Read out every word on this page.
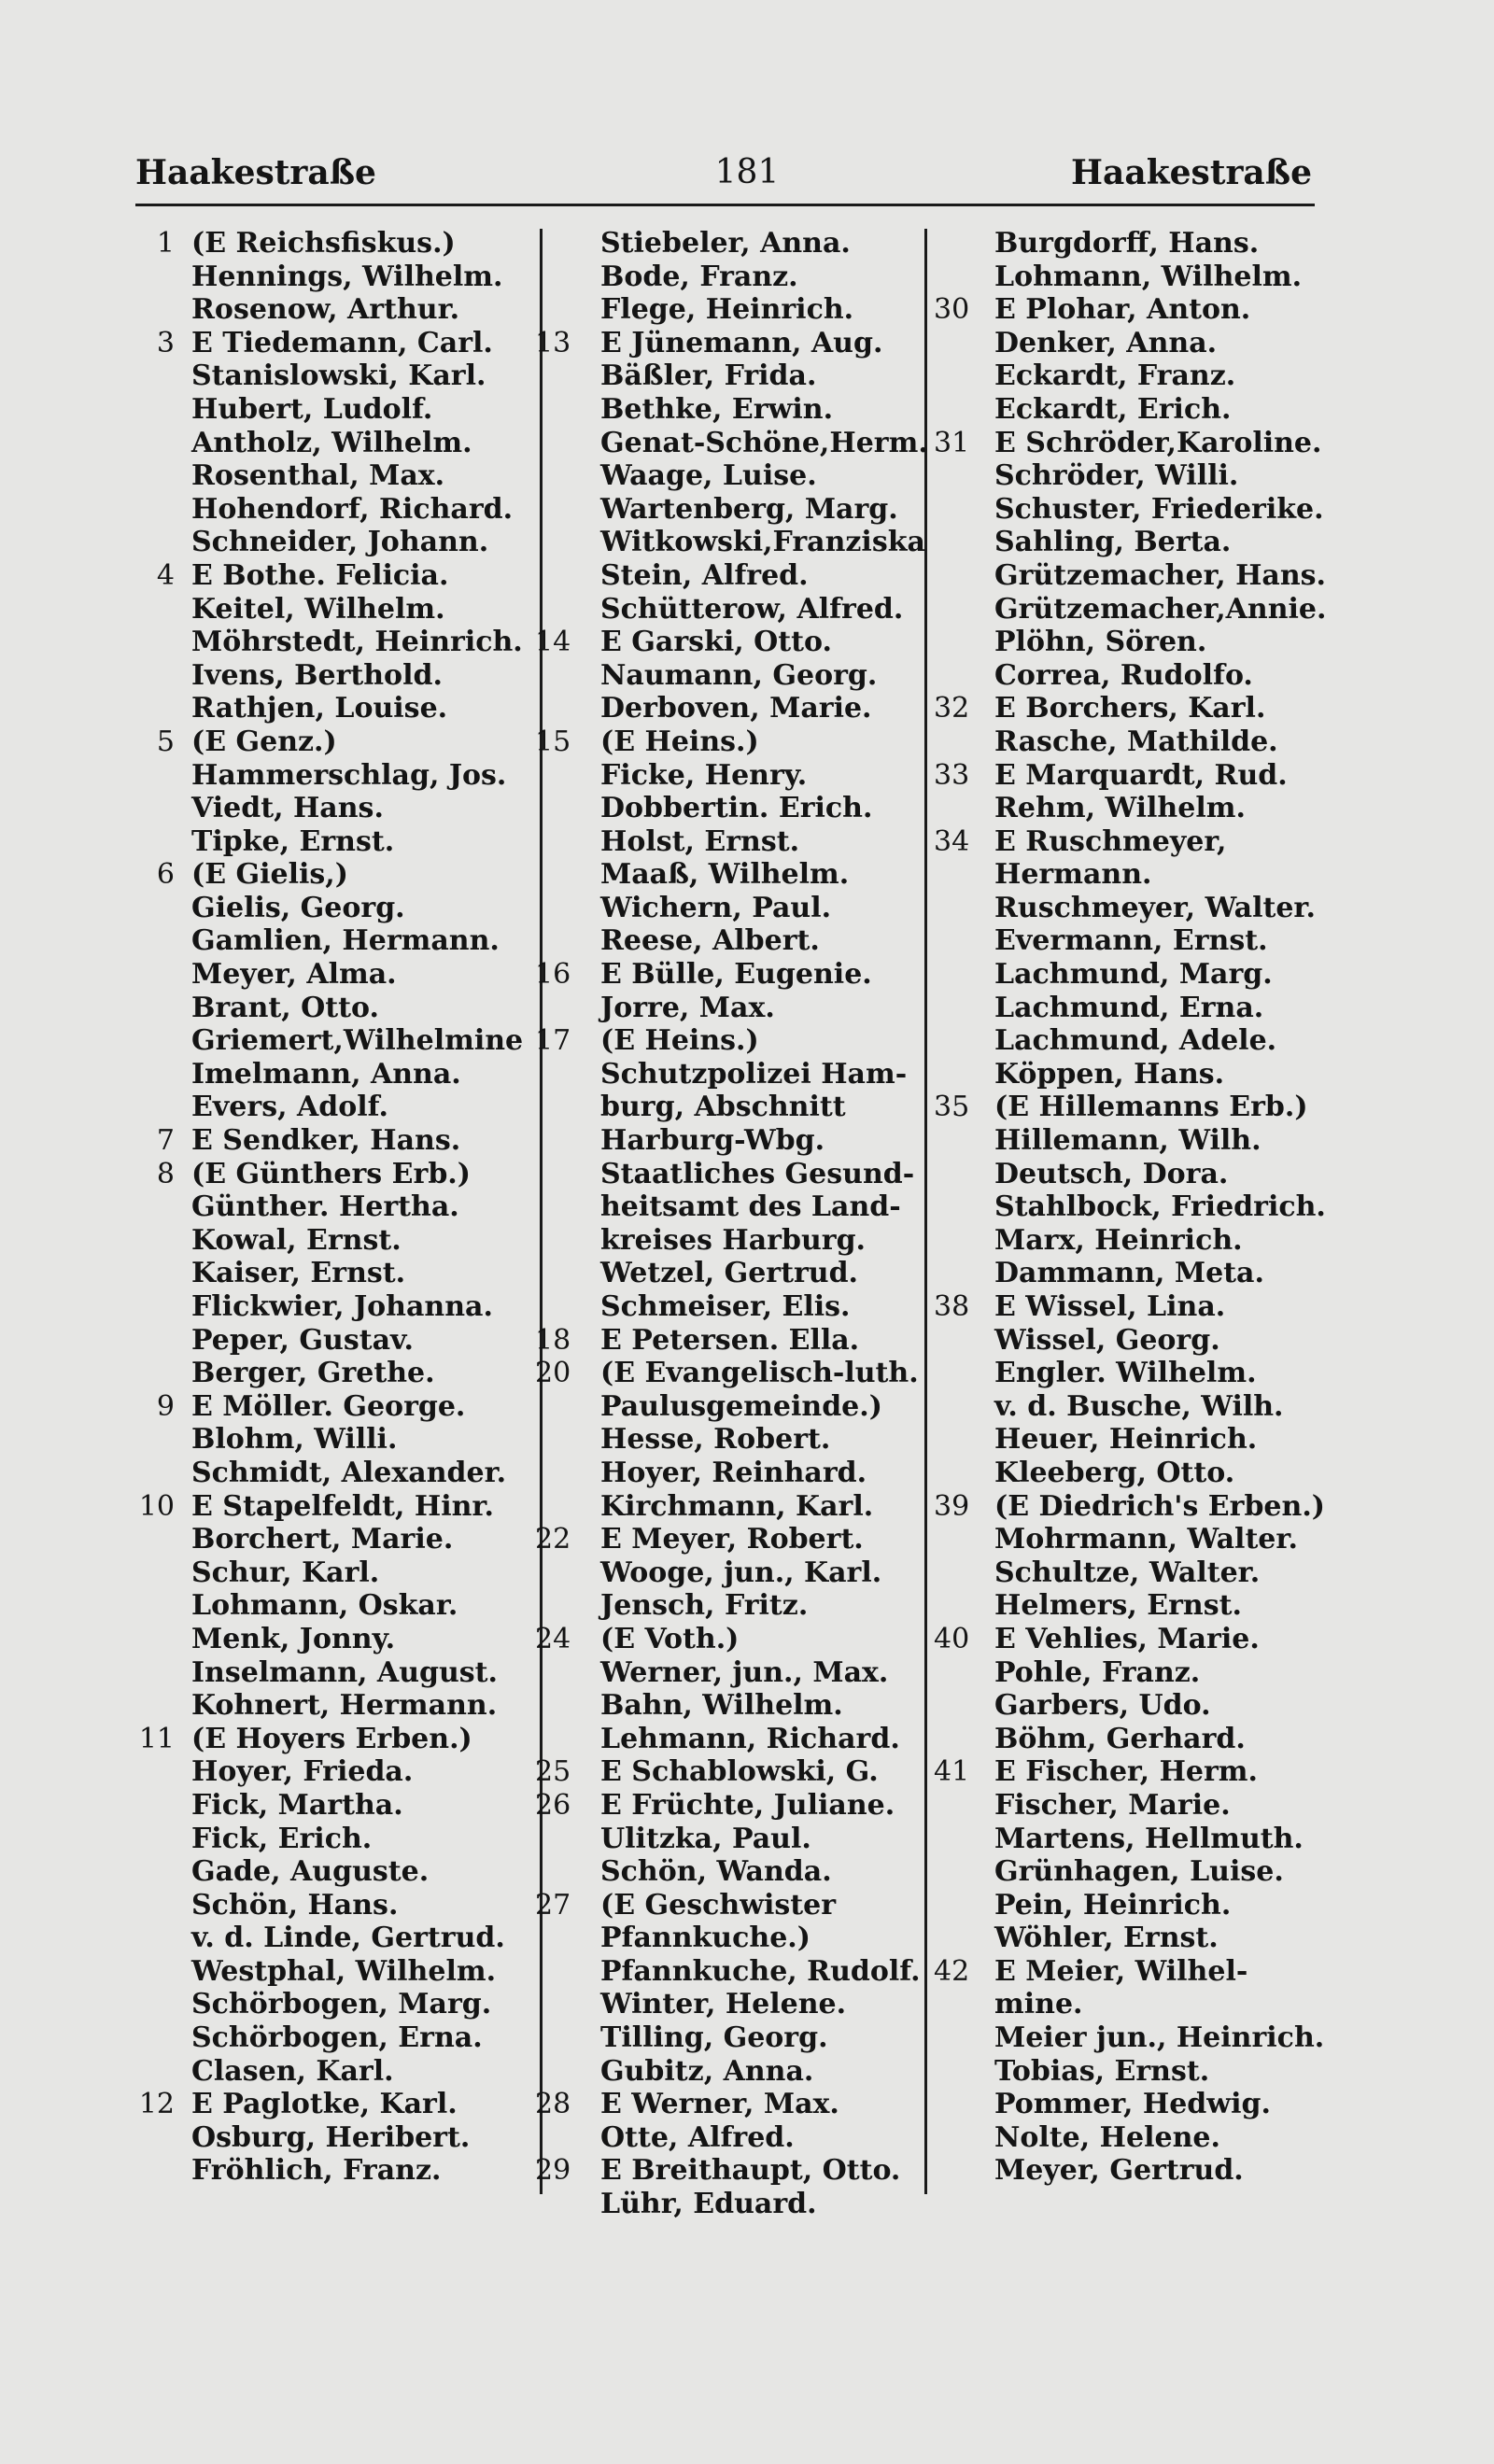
Haakestraße	181	Haakestraße
1 (E Reichsfiskus.)
Hennings, Wilhelm.
Rosenow, Arthur.
3 E Tiedemann, Carl.
Stanislowski, Karl.
Hubert, Ludolf.
Antholz, Wilhelm.
Rosenthal, Max.
Hohendorf, Richard.
Schneider, Johann.
4 E Bothe. Felicia.
Keitel, Wilhelm.
Möhrstedt, Heinrich.
Ivens, Berthold.
Rathjen, Louise.
5 (E Genz.)
Hammerschlag, Jos.
Viedt, Hans.
Tipke, Ernst.
6 (E Gielis,)
Gielis, Georg.
Gamlien, Hermann.
Meyer, Alma.
Brant, Otto.
Griemert,Wilhelmine
Imelmann, Anna.
Evers, Adolf.
7 E Sendker, Hans.
8 (E Günthers Erb.)
Günther. Hertha.
Kowal, Ernst.
Kaiser, Ernst.
Flickwier, Johanna.
Peper, Gustav.
Berger, Grethe.
9 E Möller. George.
Blohm, Willi.
Schmidt, Alexander.
10 E Stapelfeldt, Hinr.
Borchert, Marie.
Schur, Karl.
Lohmann, Oskar.
Menk, Jonny.
Inselmann, August.
Kohnert, Hermann.
11 (E Hoyers Erben.)
Hoyer, Frieda.
Fick, Martha.
Fick, Erich.
Gade, Auguste.
Schön, Hans.
v. d. Linde, Gertrud.
Westphal, Wilhelm.
Schörbogen, Marg.
Schörbogen, Erna.
Clasen, Karl.
12 E Paglotke, Karl.
Osburg, Heribert.
Fröhlich, Franz.
Stiebeler, Anna.
Bode, Franz.
Flege, Heinrich.
13 E Jünemann, Aug.
Bäßler, Frida.
Bethke, Erwin.
Genat-Schöne,Herm.
Waage, Luise.
Wartenberg, Marg.
Witkowski,Franziska
Stein, Alfred.
Schütterow, Alfred.
14 E Garski, Otto.
Naumann, Georg.
Derboven, Marie.
15 (E Heins.)
Ficke, Henry.
Dobbertin. Erich.
Holst, Ernst.
Maaß, Wilhelm.
Wichern, Paul.
Reese, Albert.
16 E Bülle, Eugenie.
Jorre, Max.
17 (E Heins.)
Schutzpolizei Ham-
burg, Abschnitt
Harburg-Wbg.
Staatliches Gesund-
heitsamt des Land-
kreises Harburg.
Wetzel, Gertrud.
Schmeiser, Elis.
18 E Petersen. Ella.
20 (E Evangelisch-luth.
Paulusgemeinde.)
Hesse, Robert.
Hoyer, Reinhard.
Kirchmann, Karl.
22 E Meyer, Robert.
Wooge, jun., Karl.
Jensch, Fritz.
24 (E Voth.)
Werner, jun., Max.
Bahn, Wilhelm.
Lehmann, Richard.
25 E Schablowski, G.
26 E Früchte, Juliane.
Ulitzka, Paul.
Schön, Wanda.
27 (E Geschwister
Pfannkuche.)
Pfannkuche, Rudolf.
Winter, Helene.
Tilling, Georg.
Gubitz, Anna.
28 E Werner, Max.
Otte, Alfred.
29 E Breithaupt, Otto.
Lühr, Eduard.
Burgdorff, Hans.
Lohmann, Wilhelm.
30 E Plohar, Anton.
Denker, Anna.
Eckardt, Franz.
Eckardt, Erich.
31 E Schröder,Karoline.
Schröder, Willi.
Schuster, Friederike.
Sahling, Berta.
Grützemacher, Hans.
Grützemacher,Annie.
Plöhn, Sören.
Correa, Rudolfo.
32 E Borchers, Karl.
Rasche, Mathilde.
33 E Marquardt, Rud.
Rehm, Wilhelm.
34 E Ruschmeyer,
Hermann.
Ruschmeyer, Walter.
Evermann, Ernst.
Lachmund, Marg.
Lachmund, Erna.
Lachmund, Adele.
Köppen, Hans.
35 (E Hillemanns Erb.)
Hillemann, Wilh.
Deutsch, Dora.
Stahlbock, Friedrich.
Marx, Heinrich.
Dammann, Meta.
38 E Wissel, Lina.
Wissel, Georg.
Engler. Wilhelm.
v. d. Busche, Wilh.
Heuer, Heinrich.
Kleeberg, Otto.
39 (E Diedrich's Erben.)
Mohrmann, Walter.
Schultze, Walter.
Helmers, Ernst.
40 E Vehlies, Marie.
Pohle, Franz.
Garbers, Udo.
Böhm, Gerhard.
41 E Fischer, Herm.
Fischer, Marie.
Martens, Hellmuth.
Grünhagen, Luise.
Pein, Heinrich.
Wöhler, Ernst.
42 E Meier, Wilhel-
mine.
Meier jun., Heinrich.
Tobias, Ernst.
Pommer, Hedwig.
Nolte, Helene.
Meyer, Gertrud.
